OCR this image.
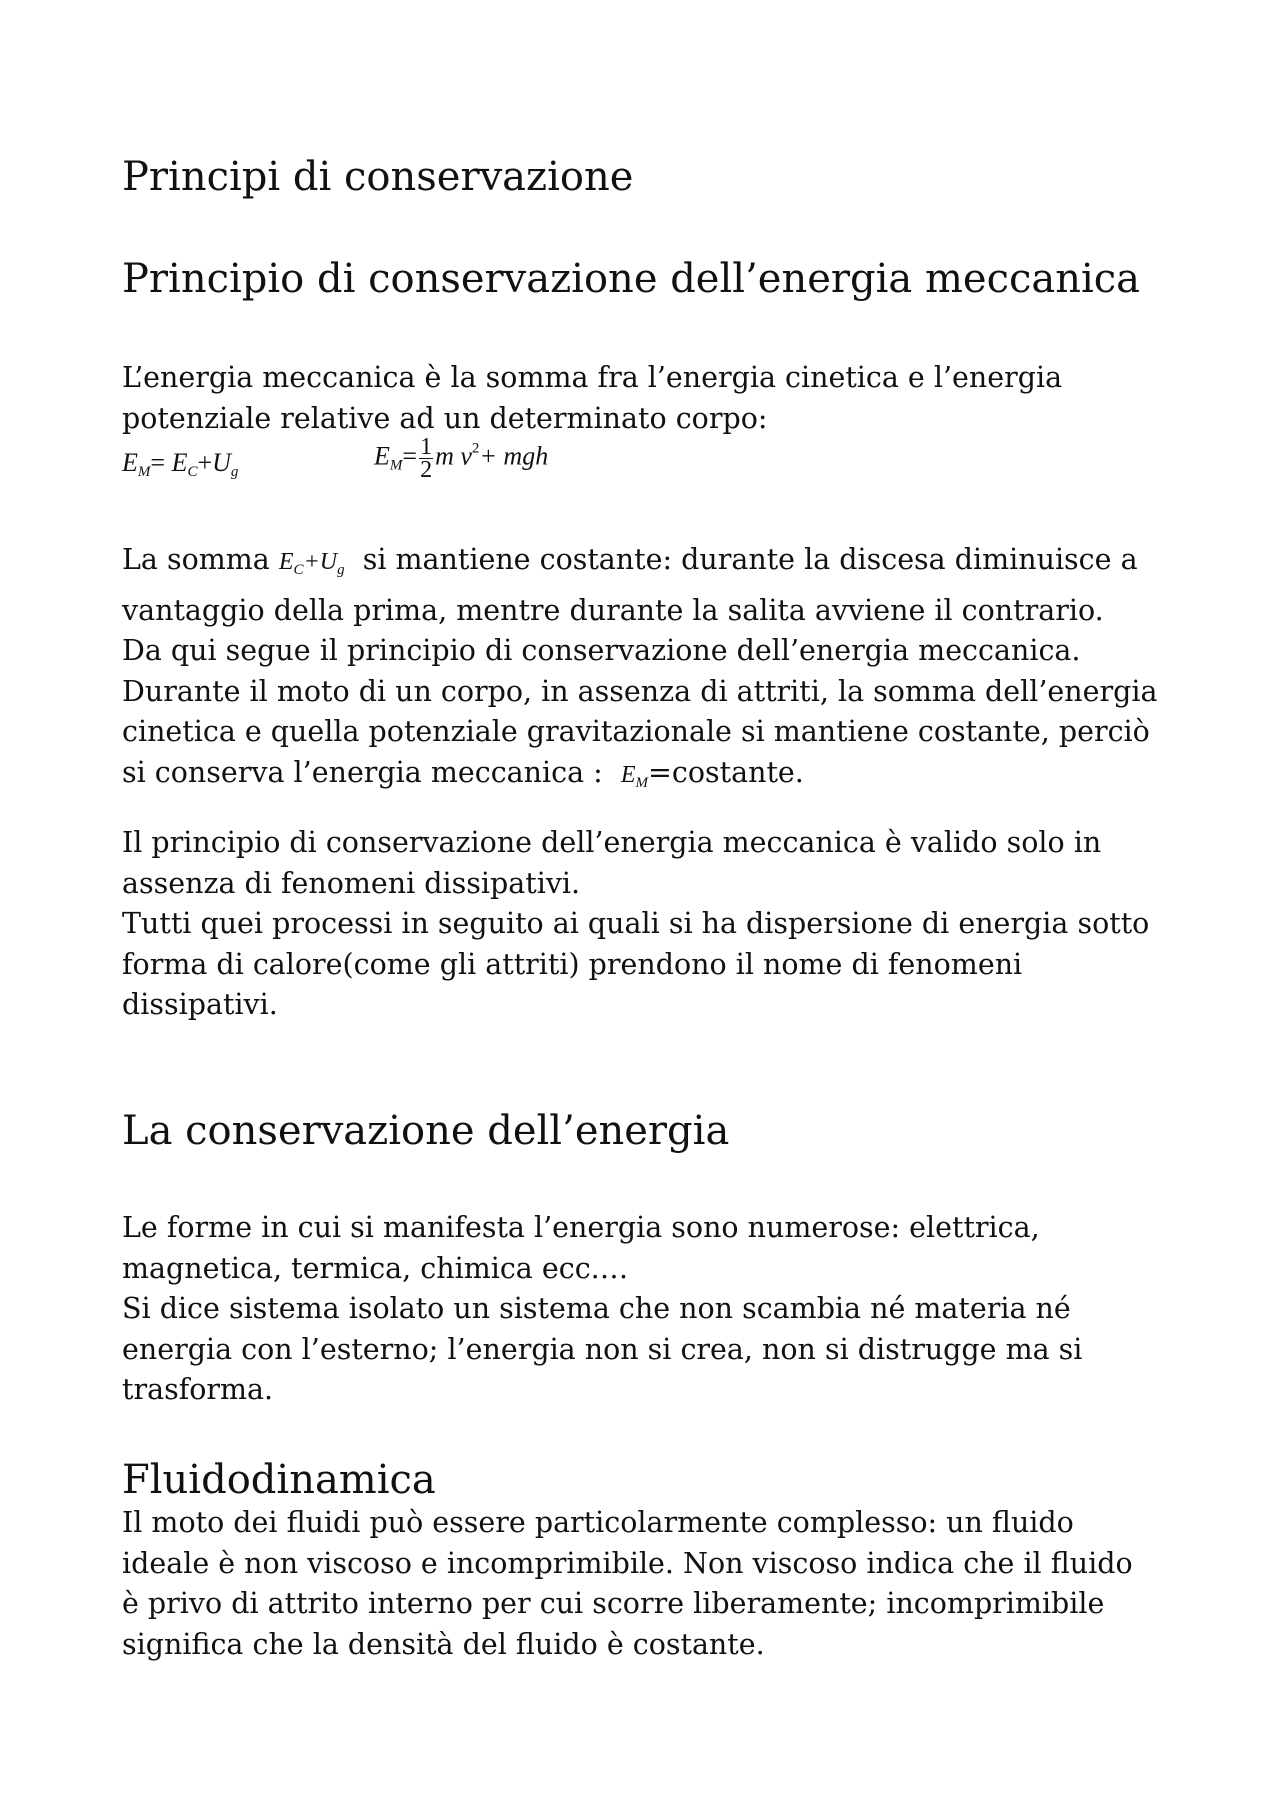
Principi di conservazione
Principio di conservazione dell’energia meccanica
L’energia meccanica è la somma fra l’energia cinetica e l’energia
potenziale relative ad un determinato corpo:
$E_M= E_C+U_g$
$E_M= \frac{1}{2}$ m $v^2+$ mgh
La somma $E_C+U_g$ si mantiene costante: durante la discesa diminuisce a
vantaggio della prima, mentre durante la salita avviene il contrario.
Da qui segue il principio di conservazione dell’energia meccanica.
Durante il moto di un corpo, in assenza di attriti, la somma dell’energia
cinetica e quella potenziale gravitazionale si mantiene costante, perciò
si conserva l’energia meccanica : $E_M=costante$.
Il principio di conservazione dell’energia meccanica è valido solo in
assenza di fenomeni dissipativi.
Tutti quei processi in seguito ai quali si ha dispersione di energia sotto
forma di calore(come gli attriti) prendono il nome di fenomeni
dissipativi.
La conservazione dell’energia
Le forme in cui si manifesta l’energia sono numerose: elettrica,
magnetica, termica, chimica ecc.…
Si dice sistema isolato un sistema che non scambia né materia né
energia con l’esterno; l’energia non si crea, non si distrugge ma si
trasforma.
Fluidodinamica
Il moto dei fluidi può essere particolarmente complesso: un fluido
ideale è non viscoso e incomprimibile. Non viscoso indica che il fluido
è privo di attrito interno per cui scorre liberamente; incomprimibile
significa che la densità del fluido è costante.
